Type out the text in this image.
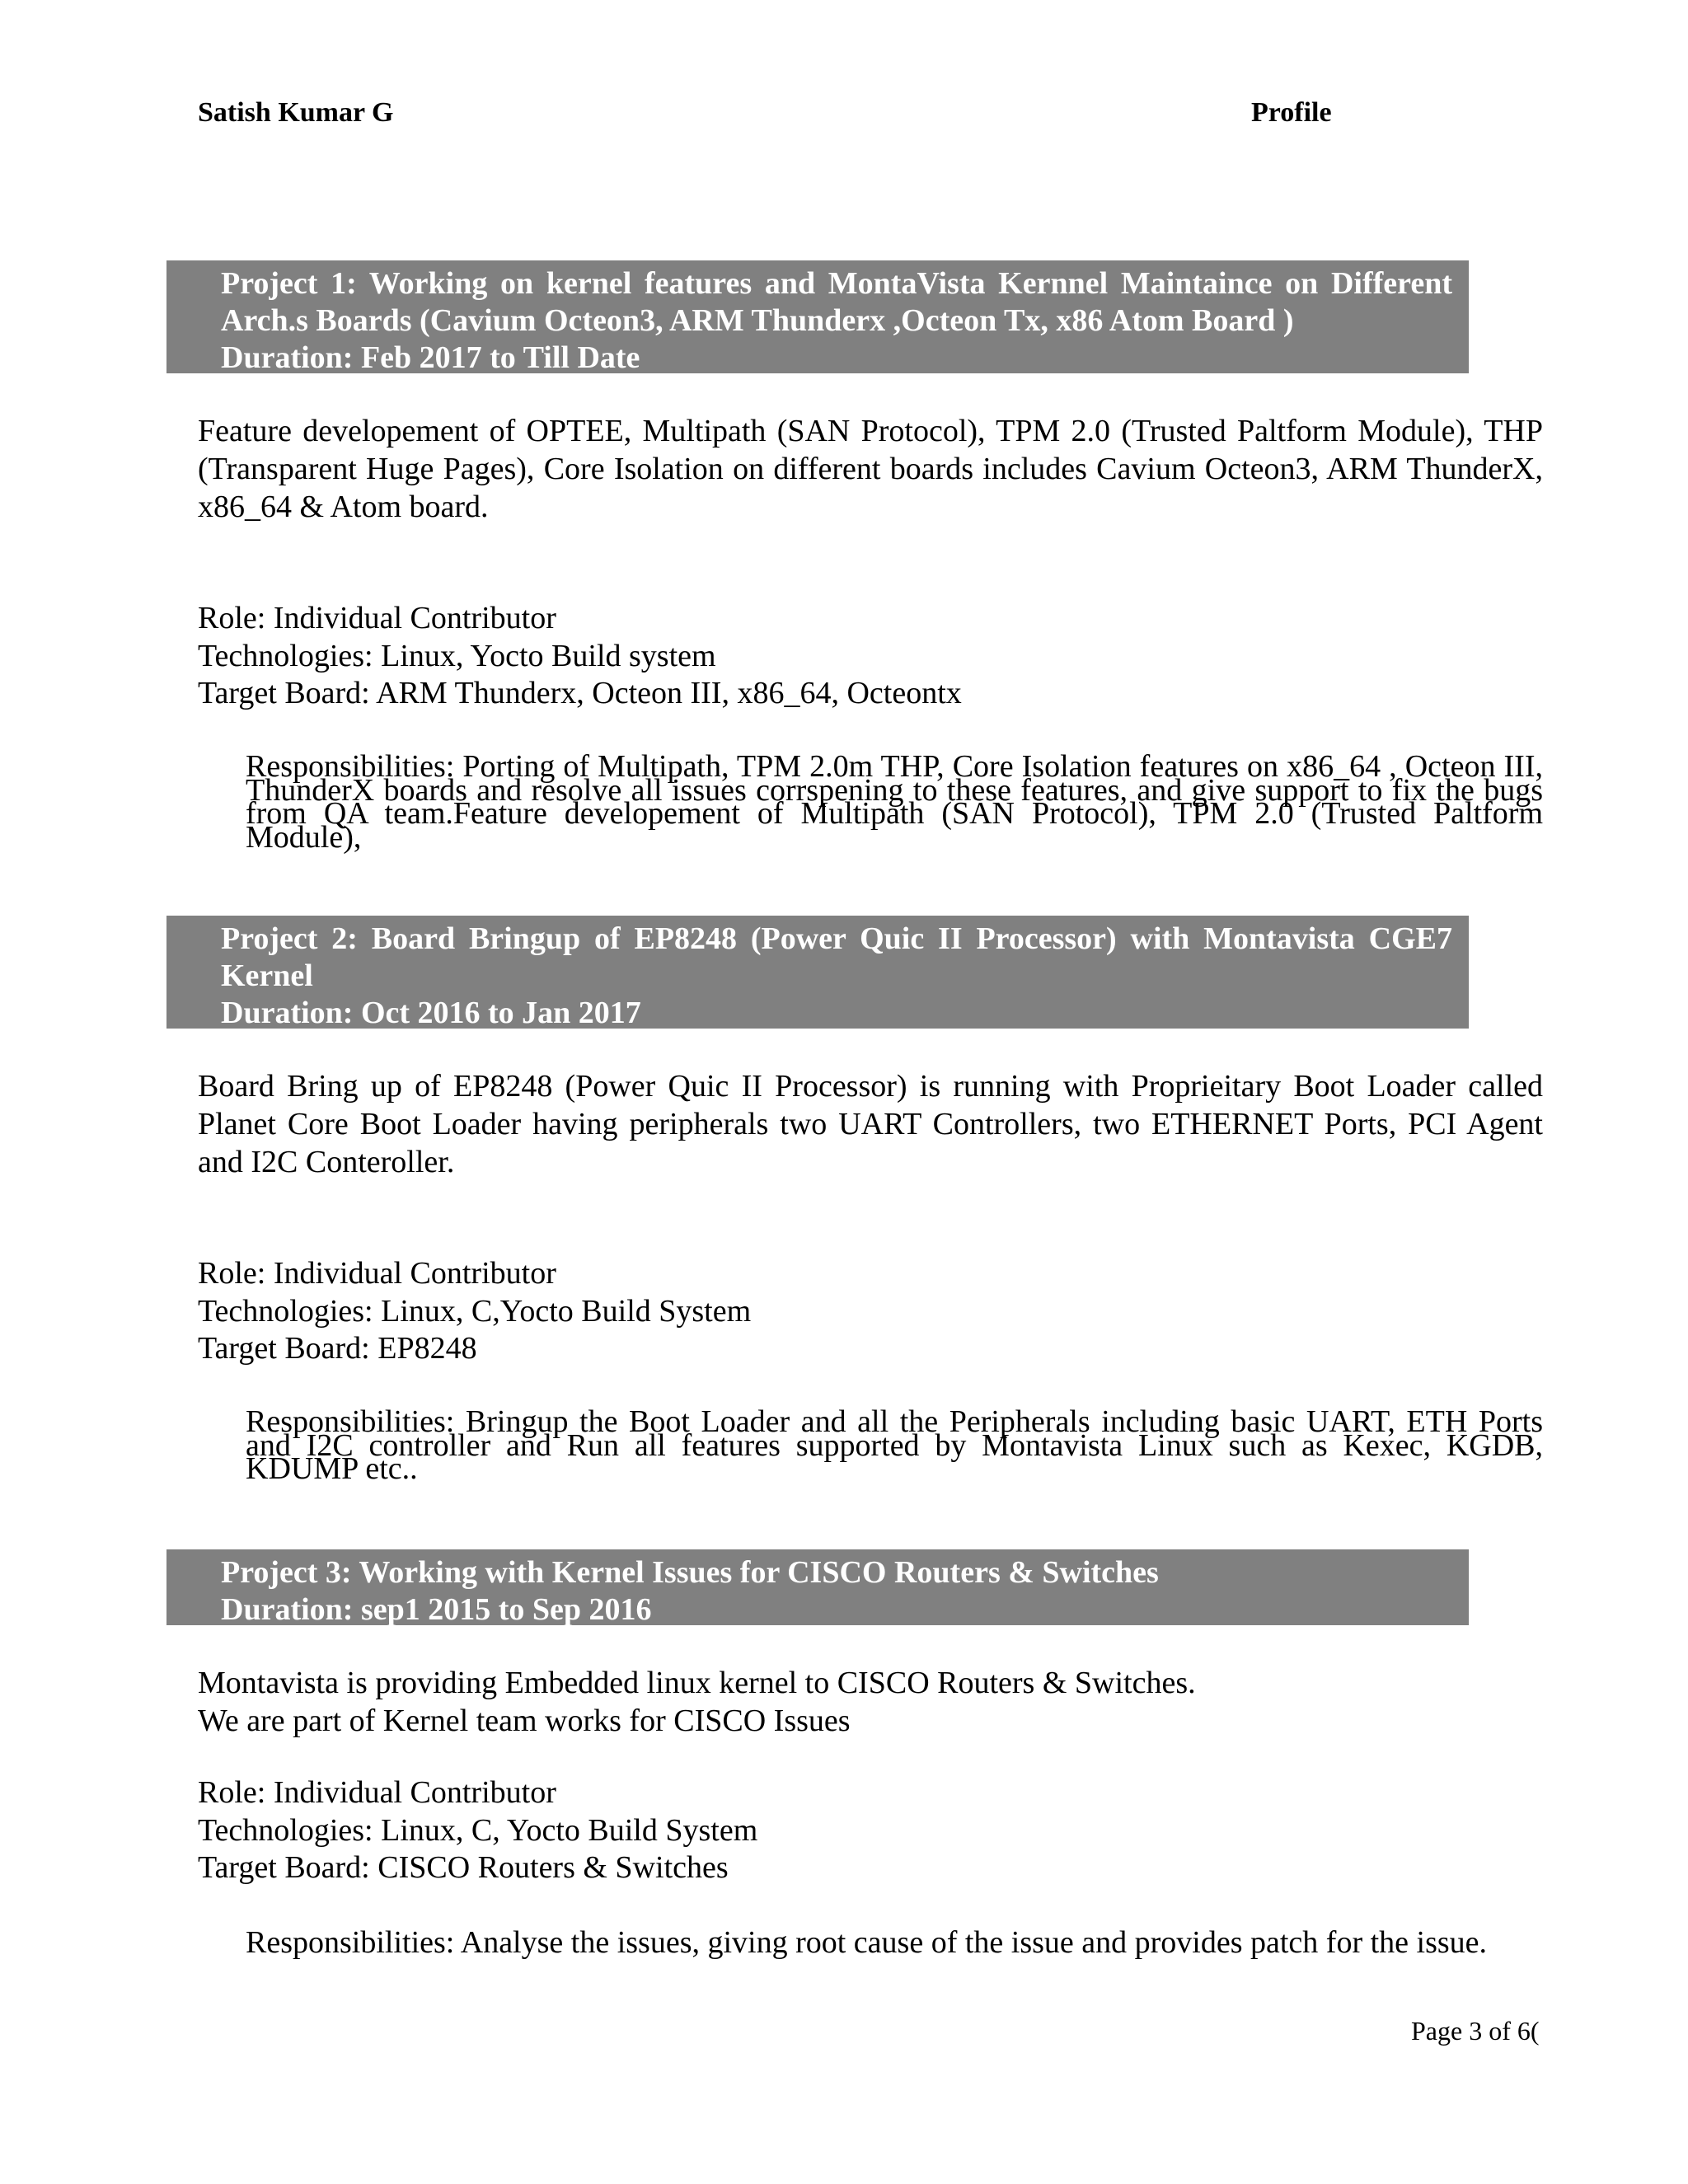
Satish Kumar G	Profile
Project 1: Working on kernel features and MontaVista Kernnel Maintaince on Different Arch.s Boards (Cavium Octeon3, ARM Thunderx ,Octeon Tx, x86 Atom Board )
Duration: Feb 2017 to Till Date
Feature developement of OPTEE, Multipath (SAN Protocol), TPM 2.0 (Trusted Paltform Module), THP (Transparent Huge Pages), Core Isolation on different boards includes Cavium Octeon3, ARM ThunderX, x86_64 & Atom board.
Role: Individual Contributor
Technologies: Linux, Yocto Build system
Target Board: ARM Thunderx, Octeon III, x86_64, Octeontx
Responsibilities: Porting of Multipath, TPM 2.0m THP, Core Isolation features on x86_64 , Octeon III, ThunderX boards and resolve all issues corrspening to these features, and give support to fix the bugs from QA team.Feature developement of Multipath (SAN Protocol), TPM 2.0 (Trusted Paltform Module),
Project 2: Board Bringup of EP8248 (Power Quic II Processor) with Montavista CGE7 Kernel
Duration: Oct 2016 to Jan 2017
Board Bring up of EP8248 (Power Quic II Processor) is running with Proprieitary Boot Loader called Planet Core Boot Loader having peripherals two UART Controllers, two ETHERNET Ports, PCI Agent and I2C Conteroller.
Role: Individual Contributor
Technologies: Linux, C,Yocto Build System
Target Board: EP8248
Responsibilities: Bringup the Boot Loader and all the Peripherals including basic UART, ETH Ports and I2C controller and Run all features supported by Montavista Linux such as Kexec, KGDB, KDUMP etc..
Project 3: Working with Kernel Issues for CISCO Routers & Switches
Duration: sep1 2015 to Sep 2016
Montavista is providing Embedded linux kernel to CISCO Routers & Switches.
We are part of Kernel team works for CISCO Issues
Role: Individual Contributor
Technologies: Linux, C, Yocto Build System
Target Board: CISCO Routers & Switches
Responsibilities: Analyse the issues, giving root cause of the issue and provides patch for the issue.
Page 3 of 6(
